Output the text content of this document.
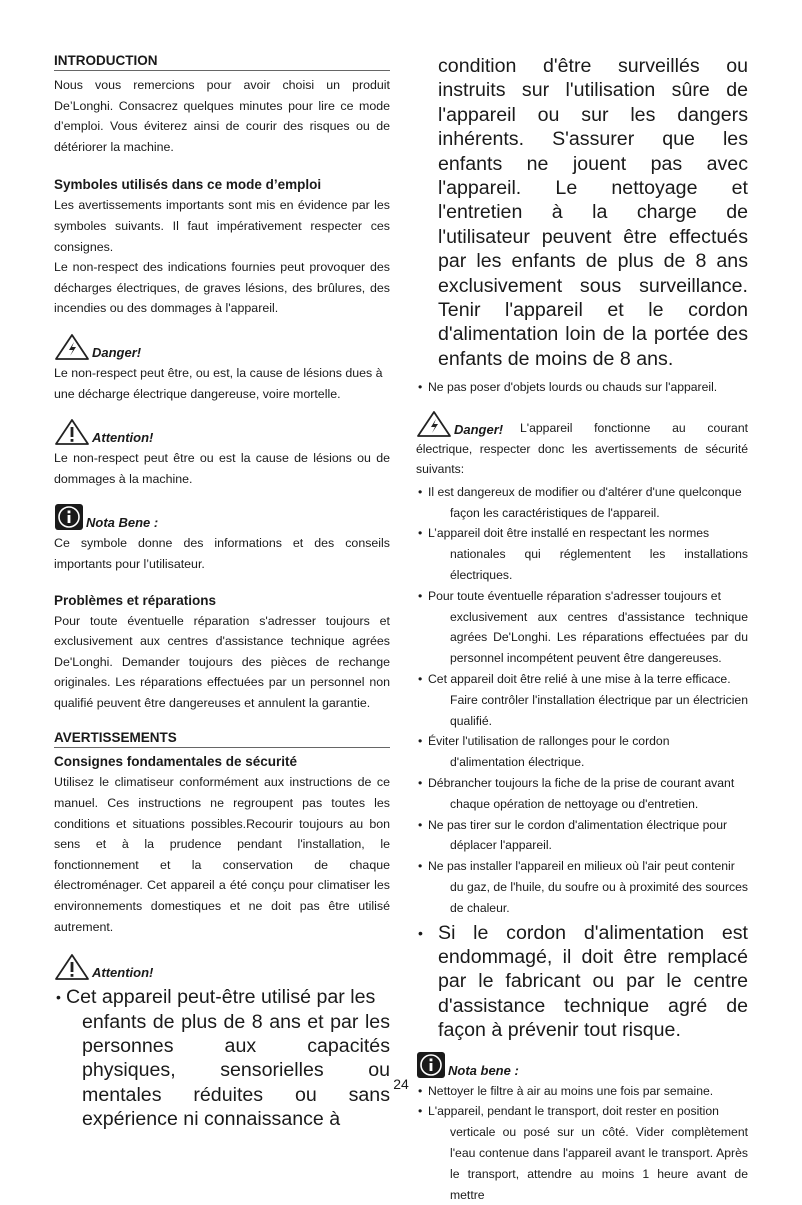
INTRODUCTION

Nous vous remercions pour avoir choisi un produit De’Longhi. Consacrez quelques minutes pour lire ce mode d’emploi. Vous éviterez ainsi de courir des risques ou de détériorer la machine.

Symboles utilisés dans ce mode d’emploi

Les avertissements importants sont mis en évidence par les symboles suivants. Il faut impérativement respecter ces consignes.

Le non-respect des indications fournies peut provoquer des décharges électriques, de graves lésions, des brûlures, des incendies ou des dommages à l'appareil.

Danger!

Le non-respect peut être, ou est, la cause de lésions dues à une décharge électrique dangereuse, voire mortelle.

Attention!

Le non-respect peut être ou est la cause de lésions ou de dommages à la machine.

Nota Bene :

Ce symbole donne des informations et des conseils importants pour l’utilisateur.

Problèmes et réparations

Pour toute éventuelle réparation s'adresser toujours et exclusivement aux centres d'assistance technique agrées De'Longhi. Demander toujours des pièces de rechange originales. Les réparations effectuées par un personnel non qualifié peuvent être dangereuses et annulent la garantie.

AVERTISSEMENTS
Consignes fondamentales de sécurité

Utilisez le climatiseur conformément aux instructions de ce manuel. Ces instructions ne regroupent pas toutes les conditions et situations possibles.Recourir toujours au bon sens et à la prudence pendant l'installation, le fonctionnement et la conservation de chaque électroménager. Cet appareil a été conçu pour climatiser les environnements domestiques et ne doit pas être utilisé autrement.

Attention!
• Cet appareil peut-être utilisé par les
enfants de plus de 8 ans et par les personnes aux capacités physiques, sensorielles ou mentales réduites ou sans expérience ni connaissance à
condition d'être surveillés ou instruits sur l'utilisation sûre de l'appareil ou sur les dangers inhérents. S'assurer que les enfants ne jouent pas avec l'appareil. Le nettoyage et l'entretien à la charge de l'utilisateur peuvent être effectués par les enfants de plus de 8 ans exclusivement sous surveillance. Tenir l'appareil et le cordon d'alimentation loin de la portée des enfants de moins de 8 ans.
• Ne pas poser d'objets lourds ou chauds sur l'appareil.
Danger!	L'appareil fonctionne au courant électrique, respecter donc les avertissements de sécurité suivants:

• Il est dangereux de modifier ou d'altérer d'une quelconque
façon les caractéristiques de l'appareil.
• L’appareil doit être installé en respectant les normes
nationales qui réglementent les installations électriques.
• Pour toute éventuelle réparation s'adresser toujours et
exclusivement aux centres d'assistance technique agrées De'Longhi. Les réparations effectuées par du personnel incompétent peuvent être dangereuses.
• Cet appareil doit être relié à une mise à la terre efficace.
Faire contrôler l'installation électrique par un électricien qualifié.
• Éviter l'utilisation de rallonges pour le cordon
d'alimentation électrique.
• Débrancher toujours la fiche de la prise de courant avant
chaque opération de nettoyage ou d'entretien.
• Ne pas tirer sur le cordon d'alimentation électrique pour
déplacer l'appareil.
• Ne pas installer l'appareil en milieux où l'air peut contenir
du gaz, de l'huile, du soufre ou à proximité des sources de chaleur.
• Si le cordon d'alimentation est
endommagé, il doit être remplacé par le fabricant ou par le centre d'assistance technique agré de façon à prévenir tout risque.
Nota bene :
• Nettoyer le filtre à air au moins une fois par semaine.
• L'appareil, pendant le transport, doit rester en position
verticale ou posé sur un côté. Vider complètement l'eau contenue dans l'appareil avant le transport. Après le transport, attendre au moins 1 heure avant de mettre
24
